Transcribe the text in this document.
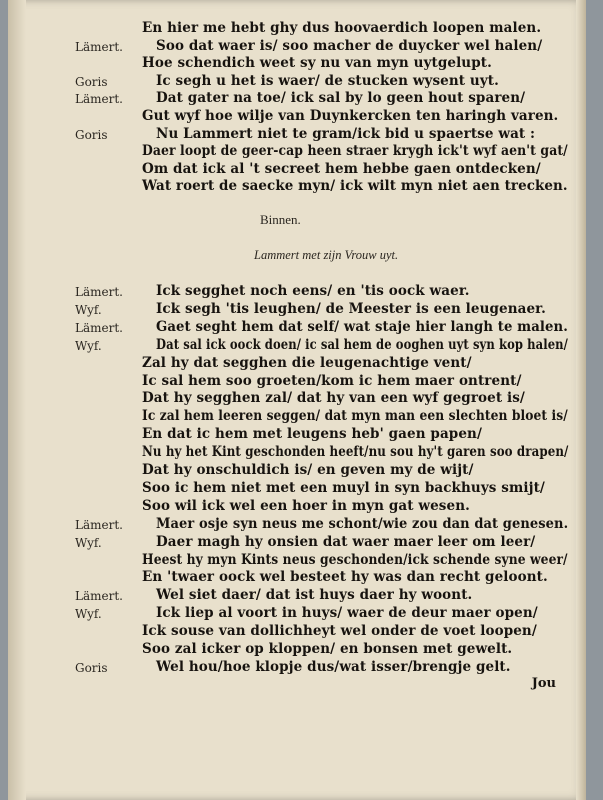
En hier me hebt ghy dus hoovaerdich loopen malen.
Lämert. Soo dat waer is/ soo macher de duycker wel halen/
Hoe schendich weet sy nu van myn uytgelupt.
Goris	Ic segh u het is waer/ de stucken wysent uyt.
Lämert. Dat gater na toe/ ick sal by lo geen hout sparen/
Gut wyf hoe wilje van Duynkercken ten haringh varen.
Goris	Nu Lammert niet te gram/ick bid u spaertse wat :
Daer loopt de geer-cap heen straer krygh ick't wyf aen't gat/
Om dat ick al 't secreet hem hebbe gaen ontdecken/
Wat roert de saecke myn/ ick wilt myn niet aen trecken.
Binnen.
Lammert met zijn Vrouw uyt.
Lämert. Ick segghet noch eens/ en 'tis oock waer.
Wyf.	Ick segh 'tis leughen/ de Meester is een leugenaer.
Lämert. Gaet seght hem dat self/ wat staje hier langh te malen.
Wyf.	Dat sal ick oock doen/ ic sal hem de ooghen uyt syn kop halen/
Zal hy dat segghen die leugenachtige vent/
Ic sal hem soo groeten/kom ic hem maer ontrent/
Dat hy segghen zal/ dat hy van een wyf gegroet is/
Ic zal hem leeren seggen/ dat myn man een slechten bloet is/
En dat ic hem met leugens heb' gaen papen/
Nu hy het Kint geschonden heeft/nu sou hy't garen soo drapen/
Dat hy onschuldich is/ en geven my de wijt/
Soo ic hem niet met een muyl in syn backhuys smijt/
Soo wil ick wel een hoer in myn gat wesen.
Lämert. Maer osje syn neus me schont/wie zou dan dat genesen.
Wyf.	Daer magh hy onsien dat waer maer leer om leer/
Heest hy myn Kints neus geschonden/ick schende syne weer/
En 'twaer oock wel besteet hy was dan recht geloont.
Lämert. Wel siet daer/ dat ist huys daer hy woont.
Wyf.	Ick liep al voort in huys/ waer de deur maer open/
Ick souse van dollichheyt wel onder de voet loopen/
Soo zal icker op kloppen/ en bonsen met gewelt.
Goris	Wel hou/hoe klopje dus/wat isser/brengje gelt.
Jou
